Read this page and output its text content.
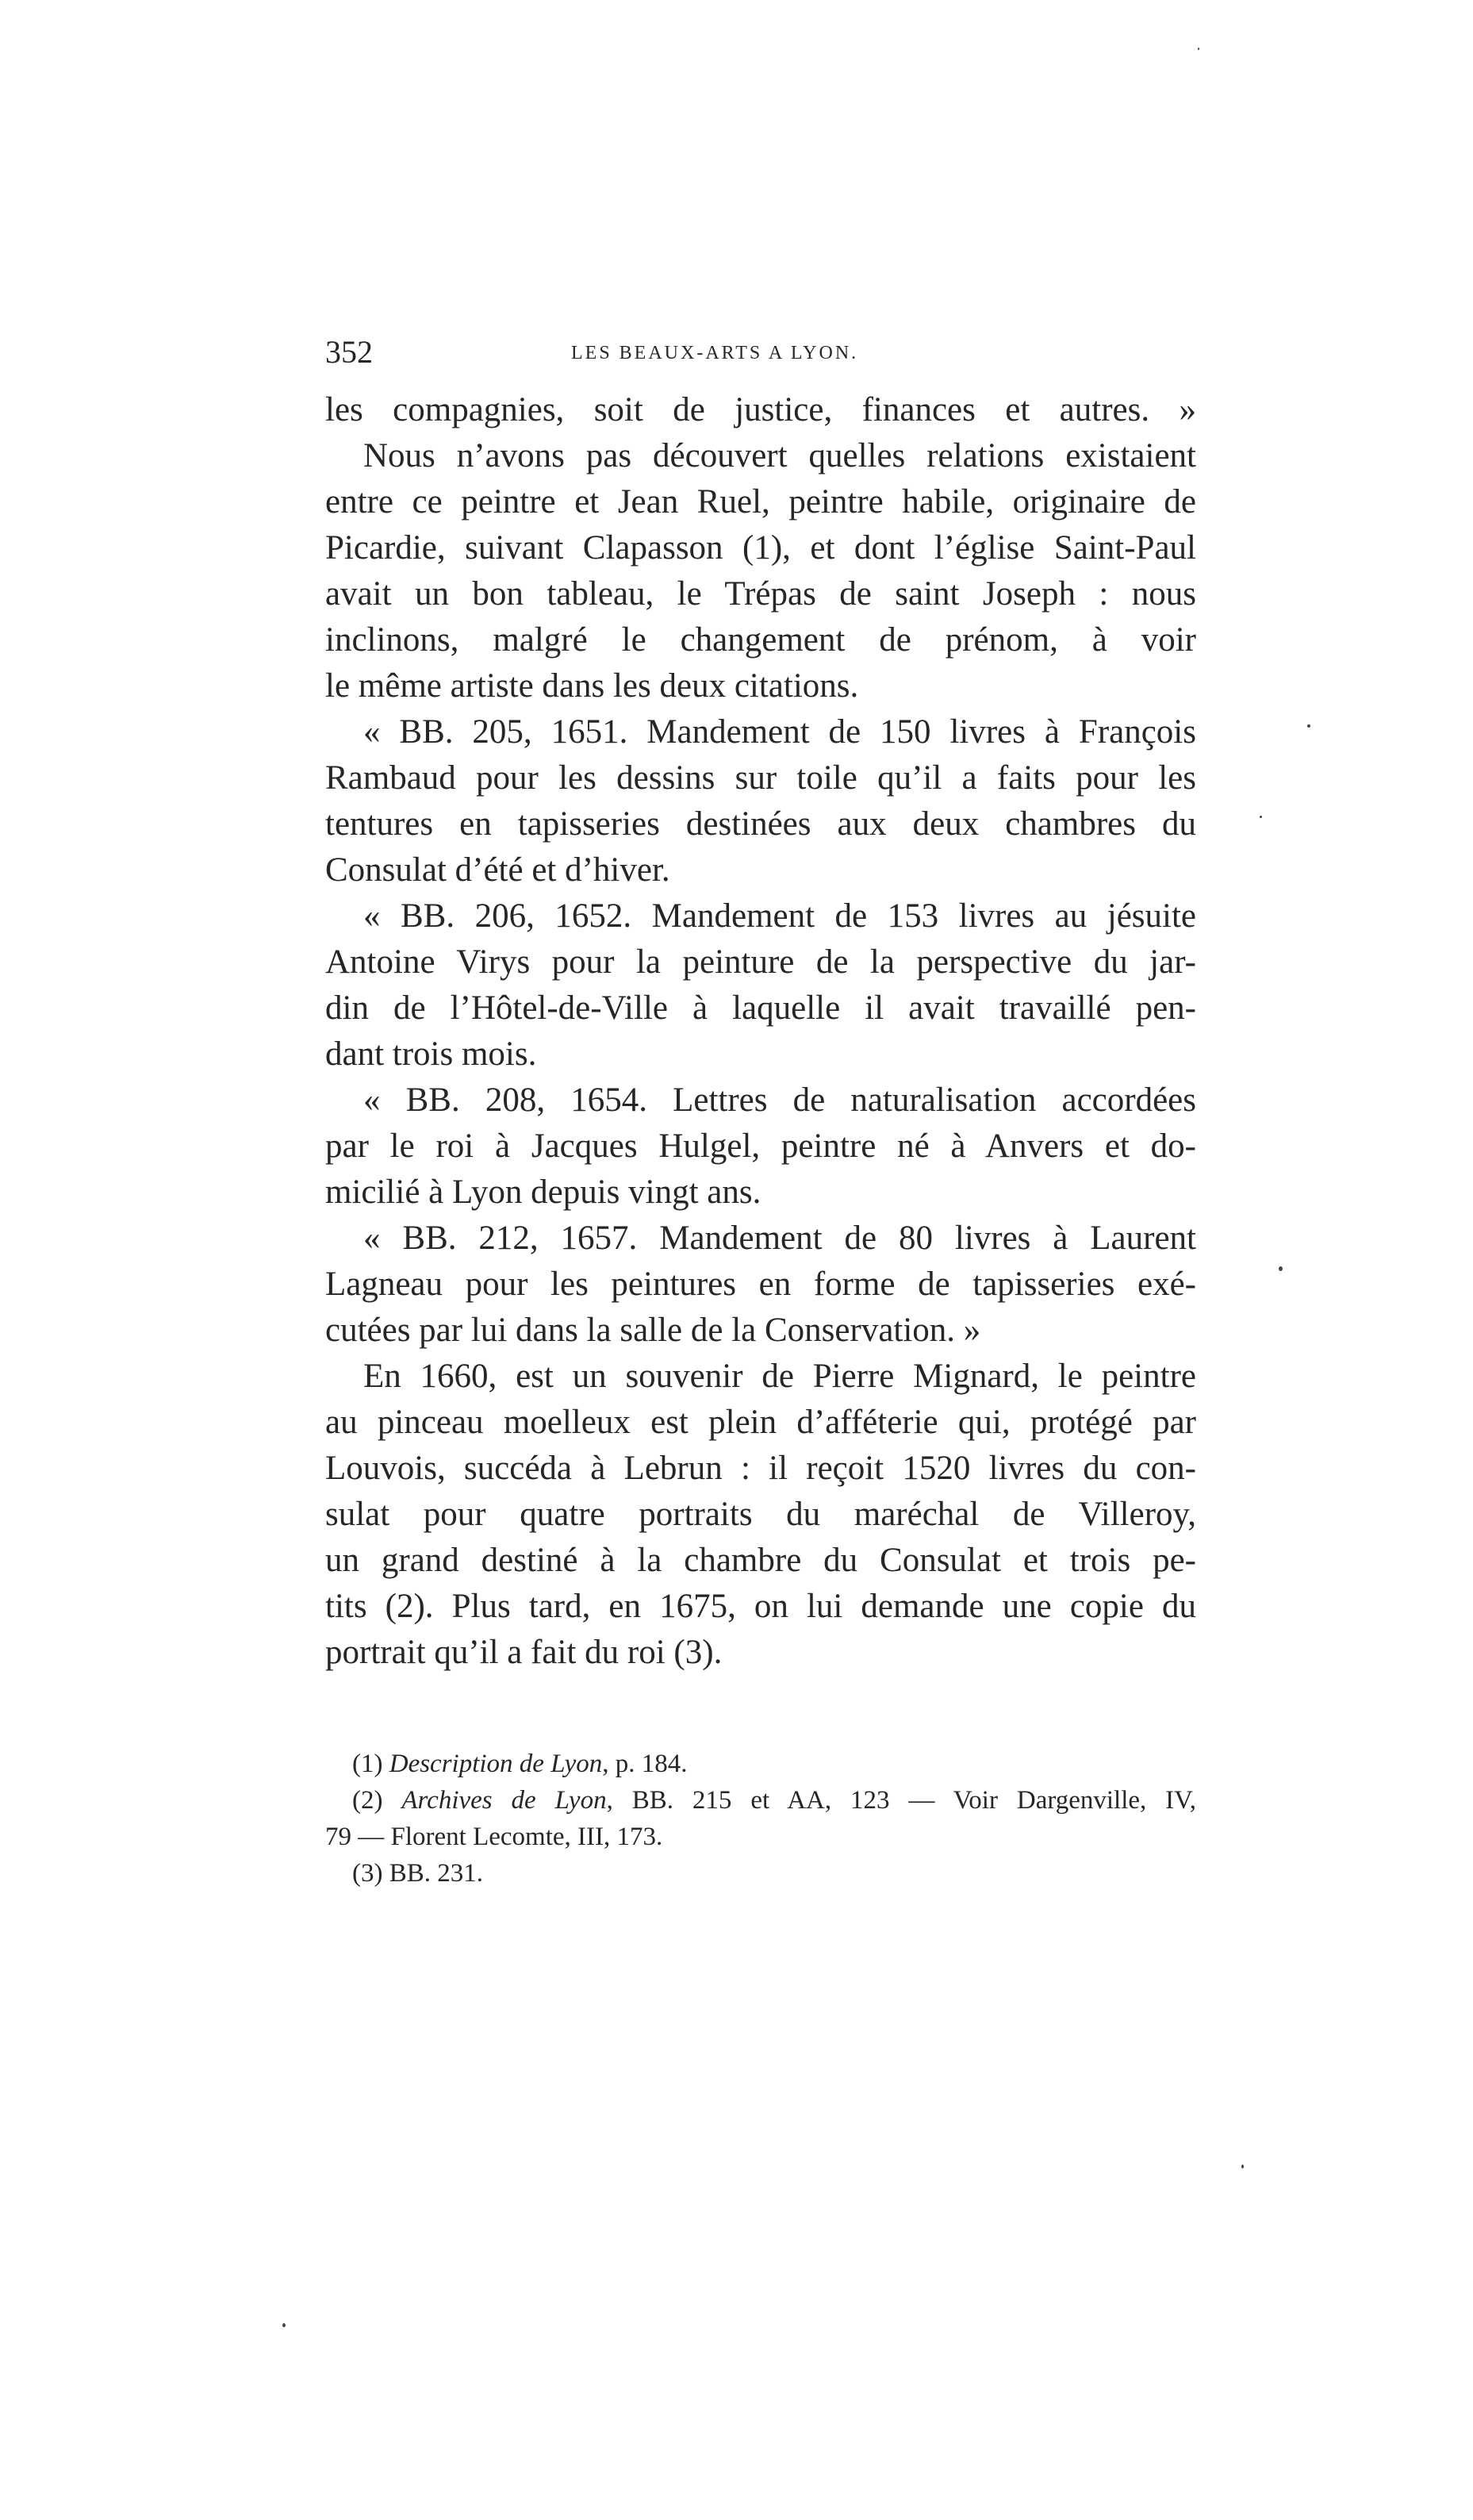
352	LES BEAUX-ARTS A LYON.
les compagnies, soit de justice, finances et autres. »
Nous n’avons pas découvert quelles relations existaient
entre ce peintre et Jean Ruel, peintre habile, originaire de
Picardie, suivant Clapasson (1), et dont l’église Saint-Paul
avait un bon tableau, le Trépas de saint Joseph : nous
inclinons, malgré le changement de prénom, à voir
le même artiste dans les deux citations.
« BB. 205, 1651. Mandement de 150 livres à François
Rambaud pour les dessins sur toile qu’il a faits pour les
tentures en tapisseries destinées aux deux chambres du
Consulat d’été et d’hiver.
« BB. 206, 1652. Mandement de 153 livres au jésuite
Antoine Virys pour la peinture de la perspective du jar-
din de l’Hôtel-de-Ville à laquelle il avait travaillé pen-
dant trois mois.
« BB. 208, 1654. Lettres de naturalisation accordées
par le roi à Jacques Hulgel, peintre né à Anvers et do-
micilié à Lyon depuis vingt ans.
« BB. 212, 1657. Mandement de 80 livres à Laurent
Lagneau pour les peintures en forme de tapisseries exé-
cutées par lui dans la salle de la Conservation. »
En 1660, est un souvenir de Pierre Mignard, le peintre
au pinceau moelleux est plein d’afféterie qui, protégé par
Louvois, succéda à Lebrun : il reçoit 1520 livres du con-
sulat pour quatre portraits du maréchal de Villeroy,
un grand destiné à la chambre du Consulat et trois pe-
tits (2). Plus tard, en 1675, on lui demande une copie du
portrait qu’il a fait du roi (3).
(1) Description de Lyon, p. 184.
(2) Archives de Lyon, BB. 215 et AA, 123 — Voir Dargenville, IV,
79 — Florent Lecomte, III, 173.
(3) BB. 231.
